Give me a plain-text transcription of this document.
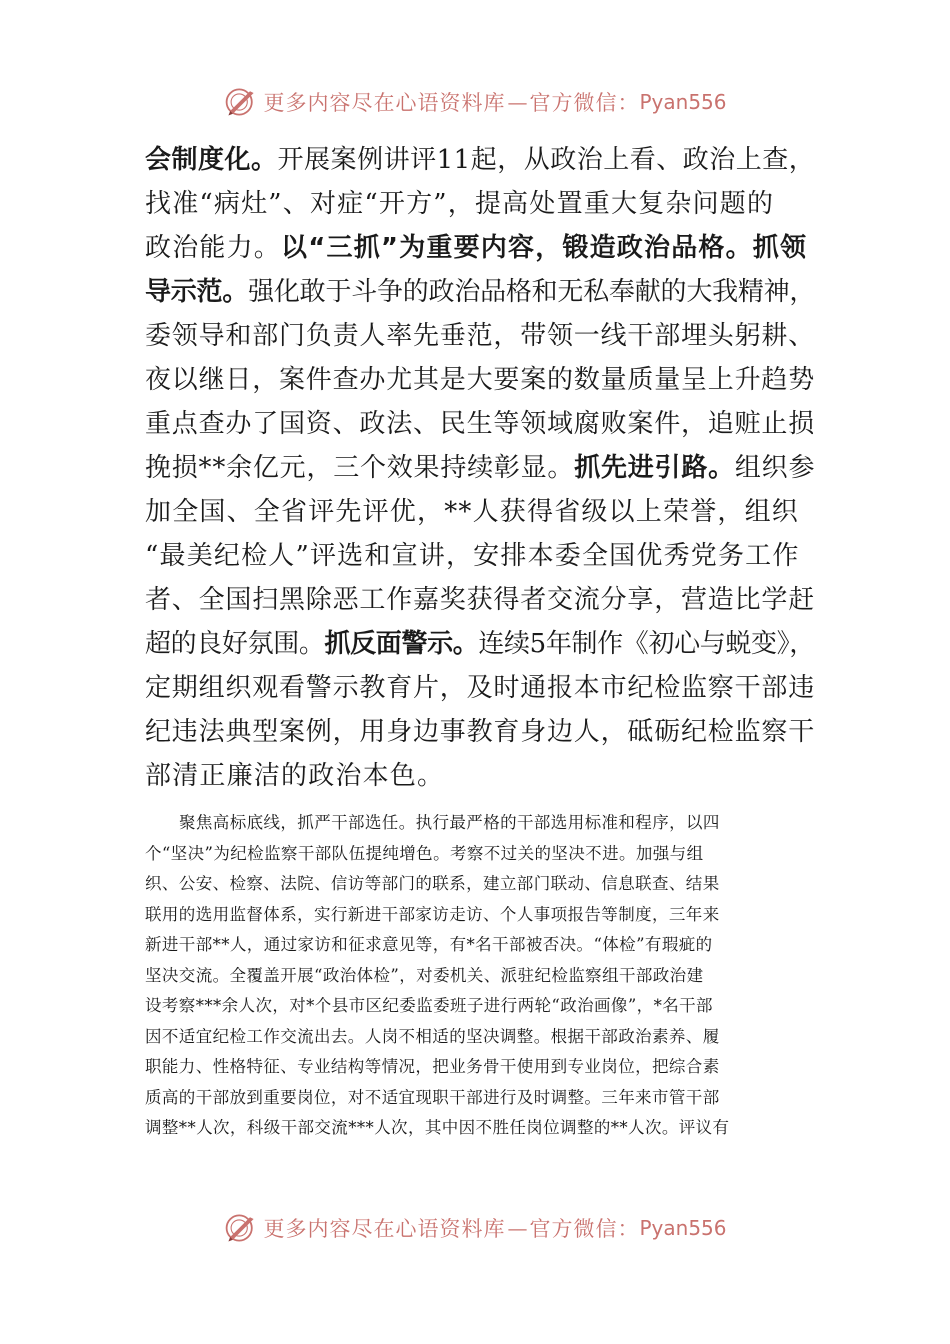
更多内容尽在心语资料库 — 官方微信： Pyan556
会制度化。开展案例讲评11起，从政治上看、政治上查，
找准“病灶”、对症“开方”，提高处置重大复杂问题的
政治能力。以“三抓”为重要内容，锻造政治品格。抓领
导示范。强化敢于斗争的政治品格和无私奉献的大我精神，
委领导和部门负责人率先垂范，带领一线干部埋头躬耕、
夜以继日，案件查办尤其是大要案的数量质量呈上升趋势
重点查办了国资、政法、民生等领域腐败案件，追赃止损
挽损**余亿元，三个效果持续彰显。抓先进引路。组织参
加全国、全省评先评优，**人获得省级以上荣誉，组织
“最美纪检人”评选和宣讲，安排本委全国优秀党务工作
者、全国扫黑除恶工作嘉奖获得者交流分享，营造比学赶
超的良好氛围。抓反面警示。连续5年制作《初心与蜕变》，
定期组织观看警示教育片，及时通报本市纪检监察干部违
纪违法典型案例，用身边事教育身边人，砥砺纪检监察干
部清正廉洁的政治本色。
聚焦高标底线，抓严干部选任。执行最严格的干部选用标准和程序，以四
个“坚决”为纪检监察干部队伍提纯增色。考察不过关的坚决不进。加强与组
织、公安、检察、法院、信访等部门的联系，建立部门联动、信息联查、结果
联用的选用监督体系，实行新进干部家访走访、个人事项报告等制度，三年来
新进干部**人，通过家访和征求意见等，有*名干部被否决。“体检”有瑕疵的
坚决交流。全覆盖开展“政治体检”，对委机关、派驻纪检监察组干部政治建
设考察***余人次，对*个县市区纪委监委班子进行两轮“政治画像”，*名干部
因不适宜纪检工作交流出去。人岗不相适的坚决调整。根据干部政治素养、履
职能力、性格特征、专业结构等情况，把业务骨干使用到专业岗位，把综合素
质高的干部放到重要岗位，对不适宜现职干部进行及时调整。三年来市管干部
调整**人次，科级干部交流***人次，其中因不胜任岗位调整的**人次。评议有
更多内容尽在心语资料库 — 官方微信： Pyan556
